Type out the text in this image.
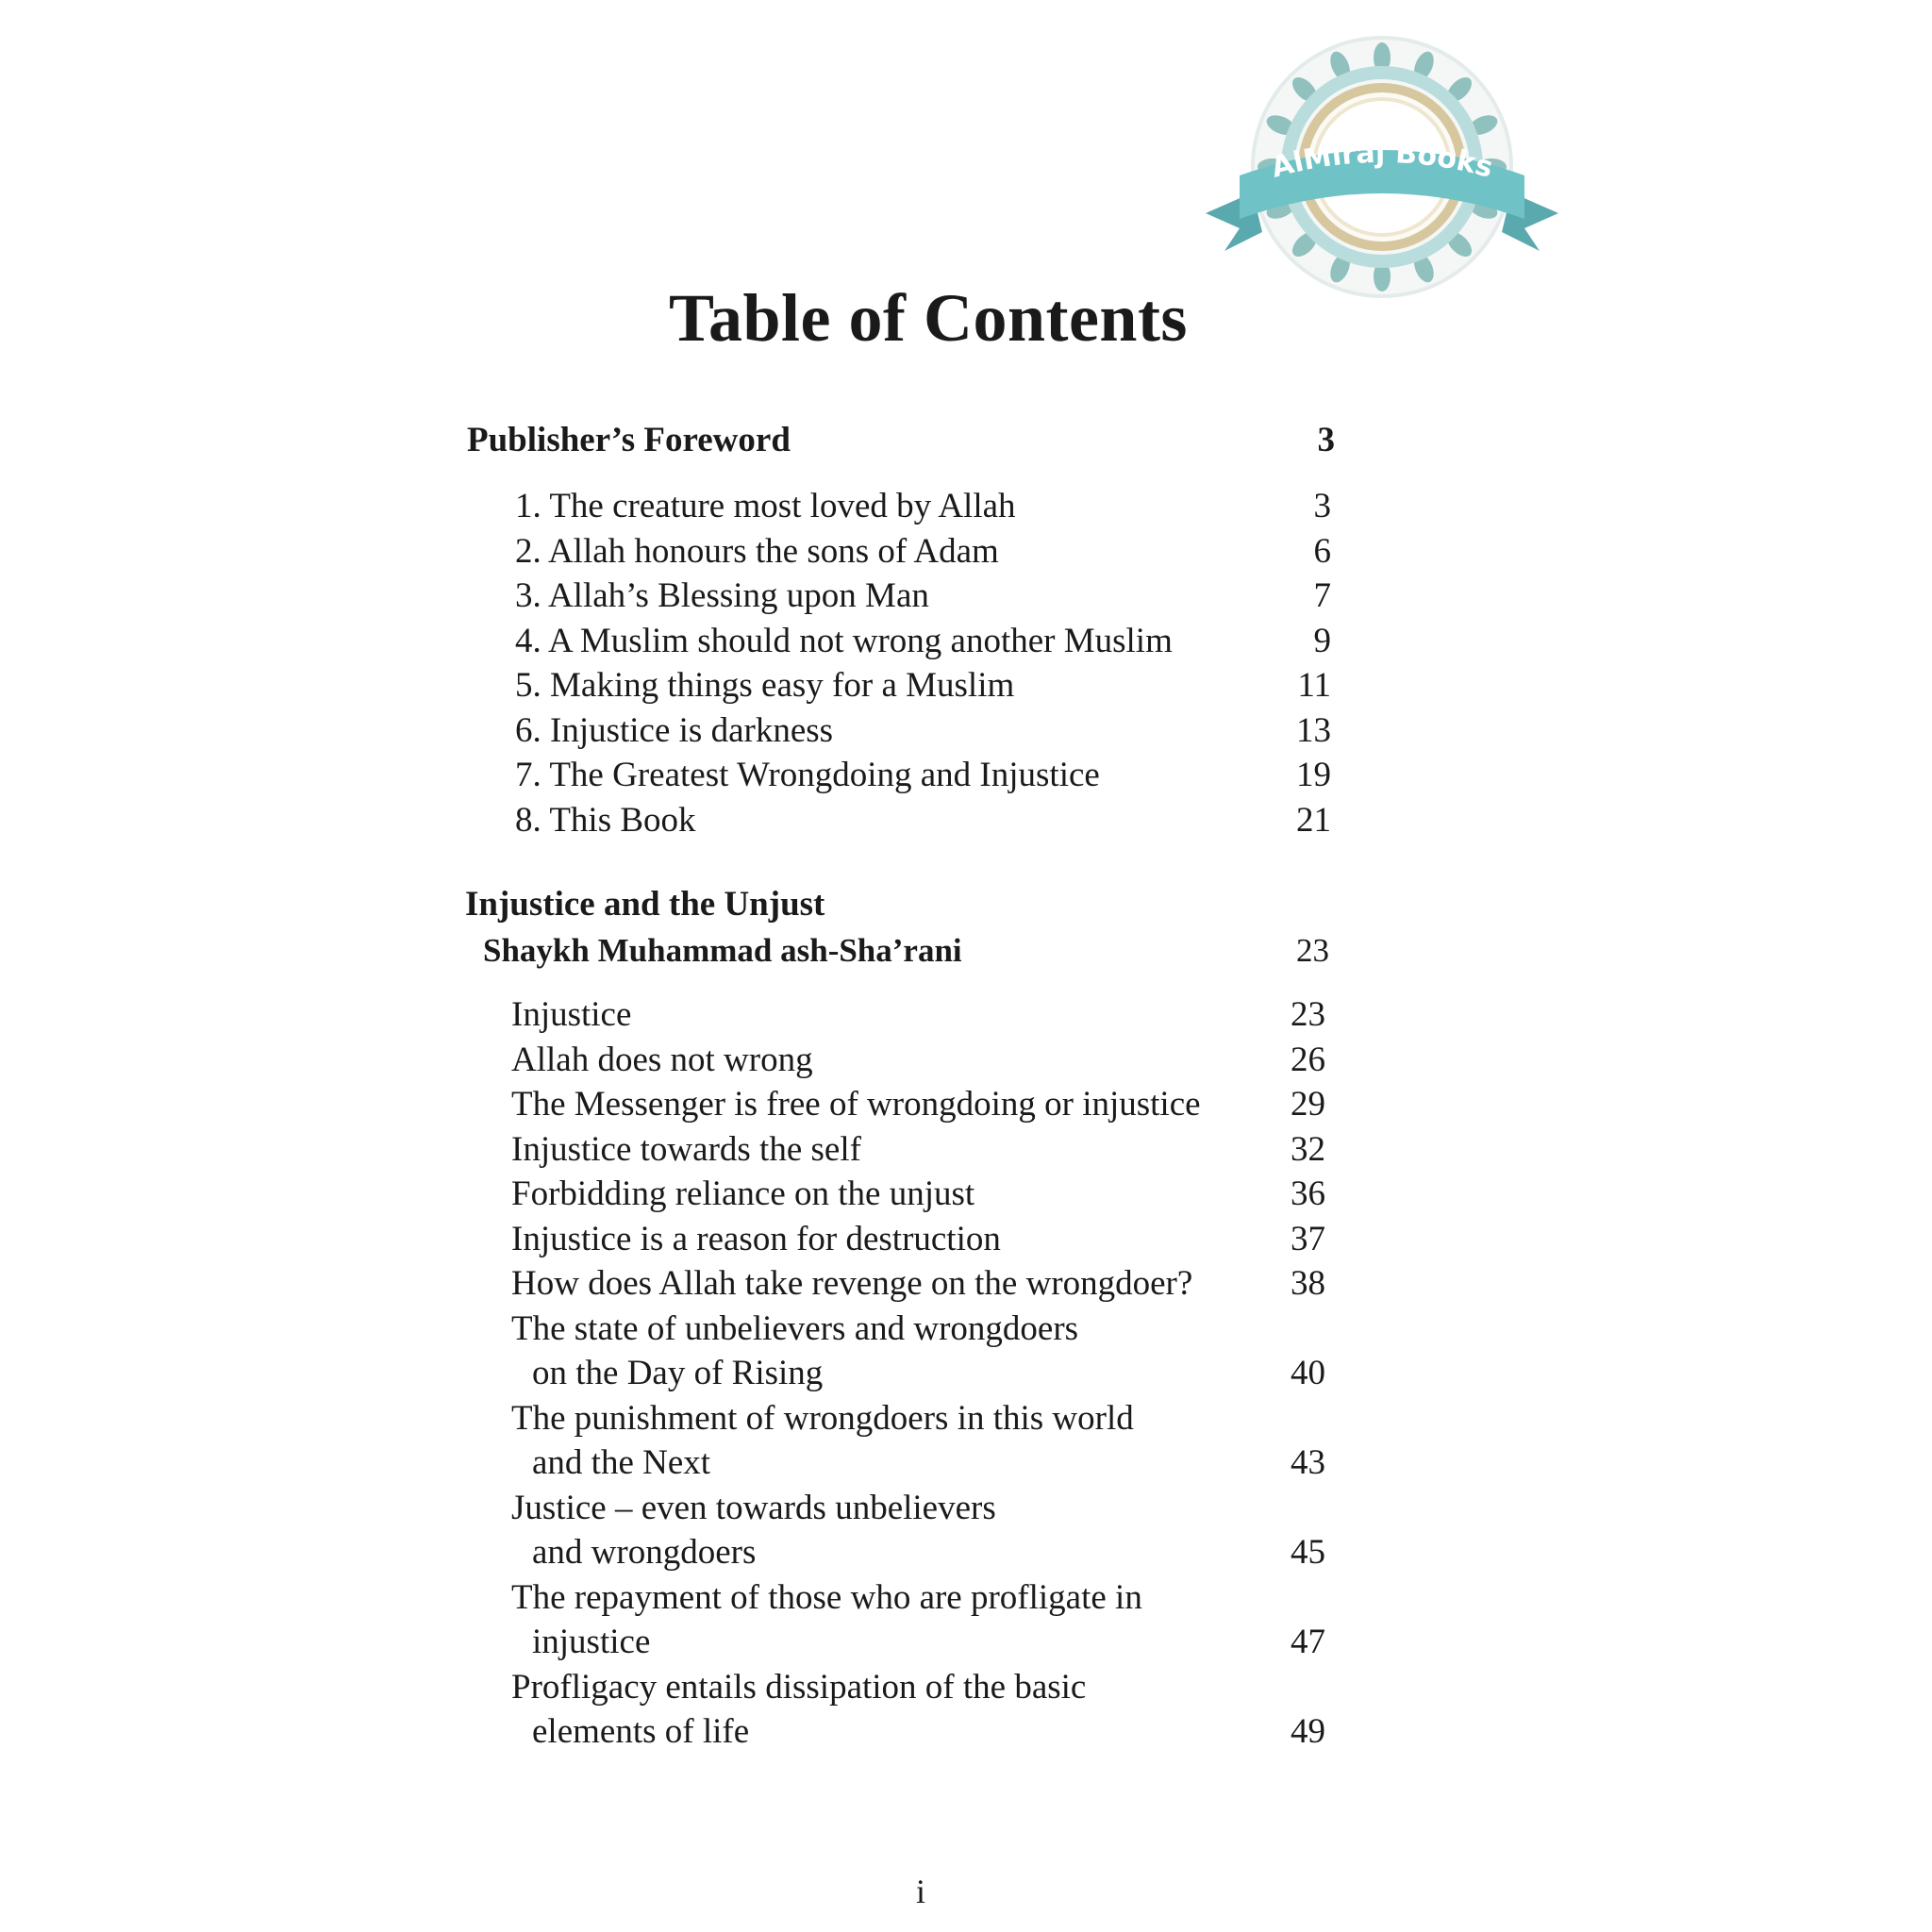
AlMiraj Books
Table of Contents
Publisher’s Foreword	3
1. The creature most loved by Allah	3
2. Allah honours the sons of Adam	6
3. Allah’s Blessing upon Man	7
4. A Muslim should not wrong another Muslim	9
5. Making things easy for a Muslim	11
6. Injustice is darkness	13
7. The Greatest Wrongdoing and Injustice	19
8. This Book	21
Injustice and the Unjust
Shaykh Muhammad ash-Sha’rani	23
Injustice	23
Allah does not wrong	26
The Messenger is free of wrongdoing or injustice	29
Injustice towards the self	32
Forbidding reliance on the unjust	36
Injustice is a reason for destruction	37
How does Allah take revenge on the wrongdoer?	38
The state of unbelievers and wrongdoers
on the Day of Rising	40
The punishment of wrongdoers in this world
and the Next	43
Justice – even towards unbelievers
and wrongdoers	45
The repayment of those who are profligate in
injustice	47
Profligacy entails dissipation of the basic
elements of life	49
i
